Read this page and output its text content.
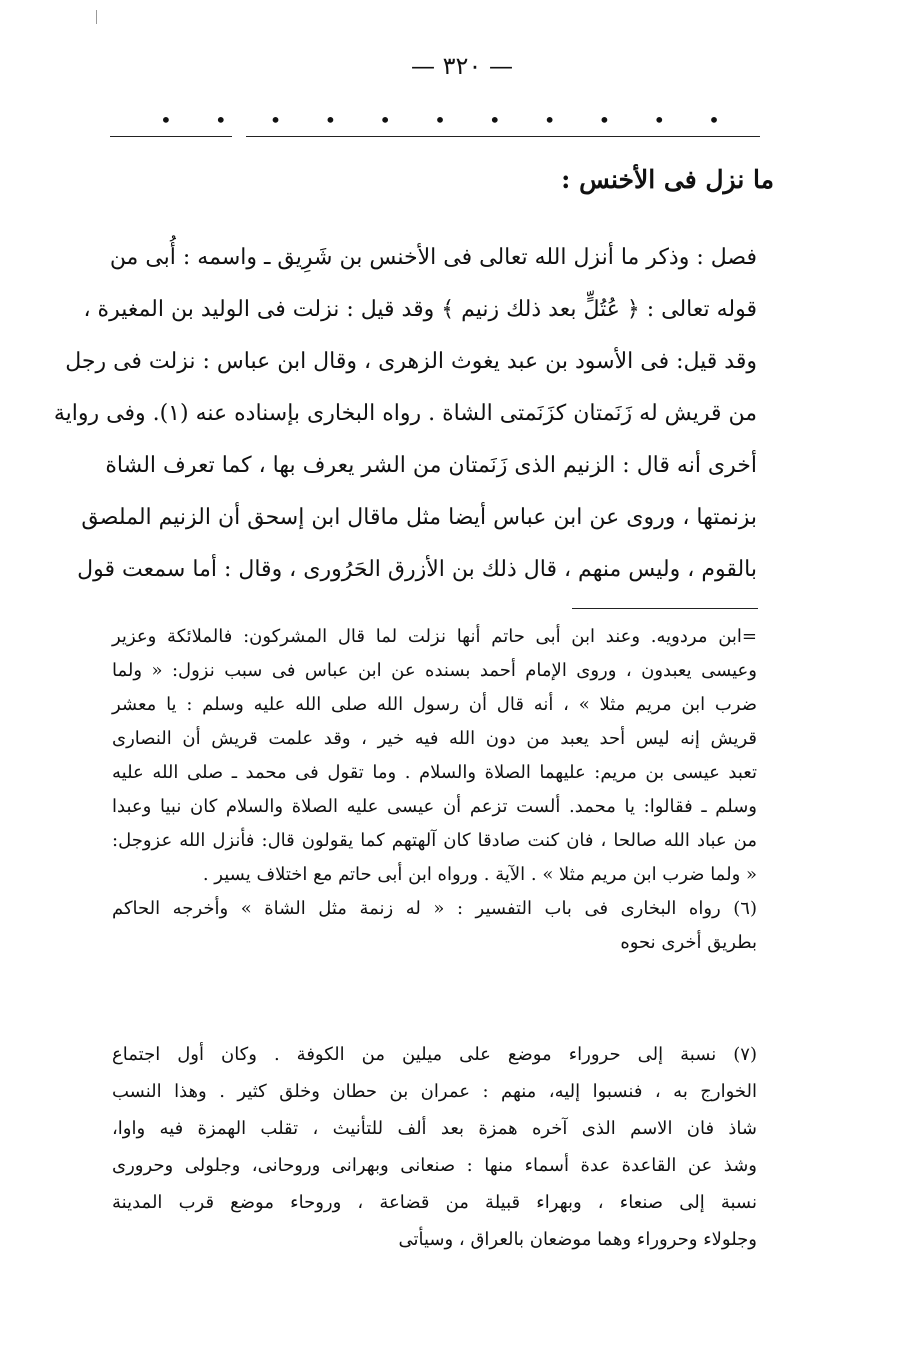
— ٣٢٠ —
• • • • • • • • • • •
ما نزل فى الأخنس :
فصل : وذكر ما أنزل الله تعالى فى الأخنس بن شَرِيق ـ واسمه : أُبى من
قوله تعالى : ﴿ عُتُلٍّ بعد ذلك زنيم ﴾ وقد قيل : نزلت فى الوليد بن المغيرة ،
وقد قيل: فى الأسود بن عبد يغوث الزهرى ، وقال ابن عباس : نزلت فى رجل
من قريش له زَنَمتان كزَنَمتى الشاة . رواه البخارى بإسناده عنه (١). وفى رواية
أخرى أنه قال : الزنيم الذى زَنَمتان من الشر يعرف بها ، كما تعرف الشاة
بزنمتها ، وروى عن ابن عباس أيضا مثل ماقال ابن إسحق أن الزنيم الملصق
بالقوم ، وليس منهم ، قال ذلك بن الأزرق الحَرُورى ، وقال : أما سمعت قول
=ابن مردويه. وعند ابن أبى حاتم أنها نزلت لما قال المشركون: فالملائكة وعزير
وعيسى يعبدون ، وروى الإمام أحمد بسنده عن ابن عباس فى سبب نزول: « ولما
ضرب ابن مريم مثلا » ، أنه قال أن رسول الله صلى الله عليه وسلم : يا معشر
قريش إنه ليس أحد يعبد من دون الله فيه خير ، وقد علمت قريش أن النصارى
تعبد عيسى بن مريم: عليهما الصلاة والسلام . وما تقول فى محمد ـ صلى الله عليه
وسلم ـ فقالوا: يا محمد. ألست تزعم أن عيسى عليه الصلاة والسلام كان نبيا وعبدا
من عباد الله صالحا ، فان كنت صادقا كان آلهتهم كما يقولون قال: فأنزل الله عزوجل:
« ولما ضرب ابن مريم مثلا » . الآية . ورواه ابن أبى حاتم مع اختلاف يسير .
(٦) رواه البخارى فى باب التفسير : « له زنمة مثل الشاة » وأخرجه الحاكم
بطريق أخرى نحوه
(٧) نسبة إلى حروراء موضع على ميلين من الكوفة . وكان أول اجتماع
الخوارج به ، فنسبوا إليه، منهم : عمران بن حطان وخلق كثير . وهذا النسب
شاذ فان الاسم الذى آخره همزة بعد ألف للتأنيث ، تقلب الهمزة فيه واوا،
وشذ عن القاعدة عدة أسماء منها : صنعانى وبهرانى وروحانى، وجلولى وحرورى
نسبة إلى صنعاء ، وبهراء قبيلة من قضاعة ، وروحاء موضع قرب المدينة
وجلولاء وحروراء وهما موضعان بالعراق ، وسيأتى
